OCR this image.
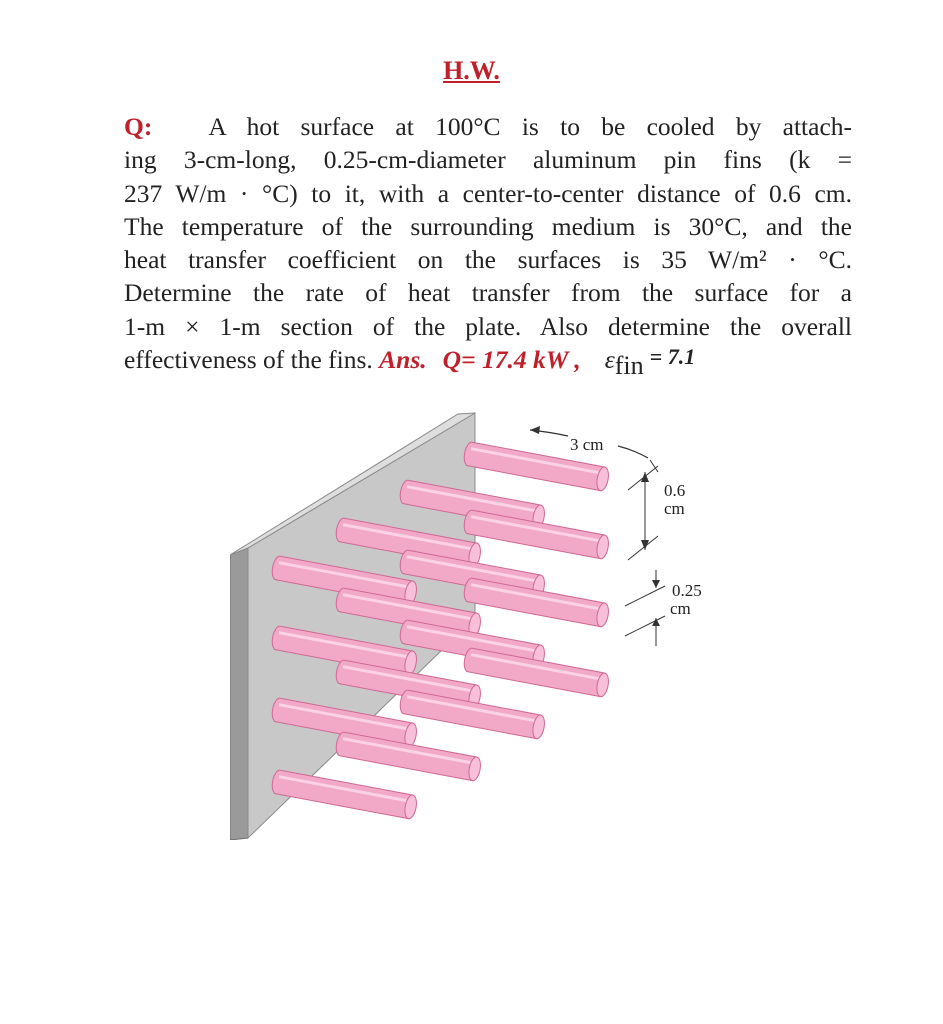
H.W.
Q: A hot surface at 100°C is to be cooled by attach-
ing 3-cm-long, 0.25-cm-diameter aluminum pin fins (k =
237 W/m · °C) to it, with a center-to-center distance of 0.6 cm.
The temperature of the surrounding medium is 30°C, and the
heat transfer coefficient on the surfaces is 35 W/m² · °C.
Determine the rate of heat transfer from the surface for a
1-m × 1-m section of the plate. Also determine the overall
effectiveness of the fins. Ans. Q= 17.4 kW , εfin = 7.1
3 cm
0.6
cm
0.25
cm
